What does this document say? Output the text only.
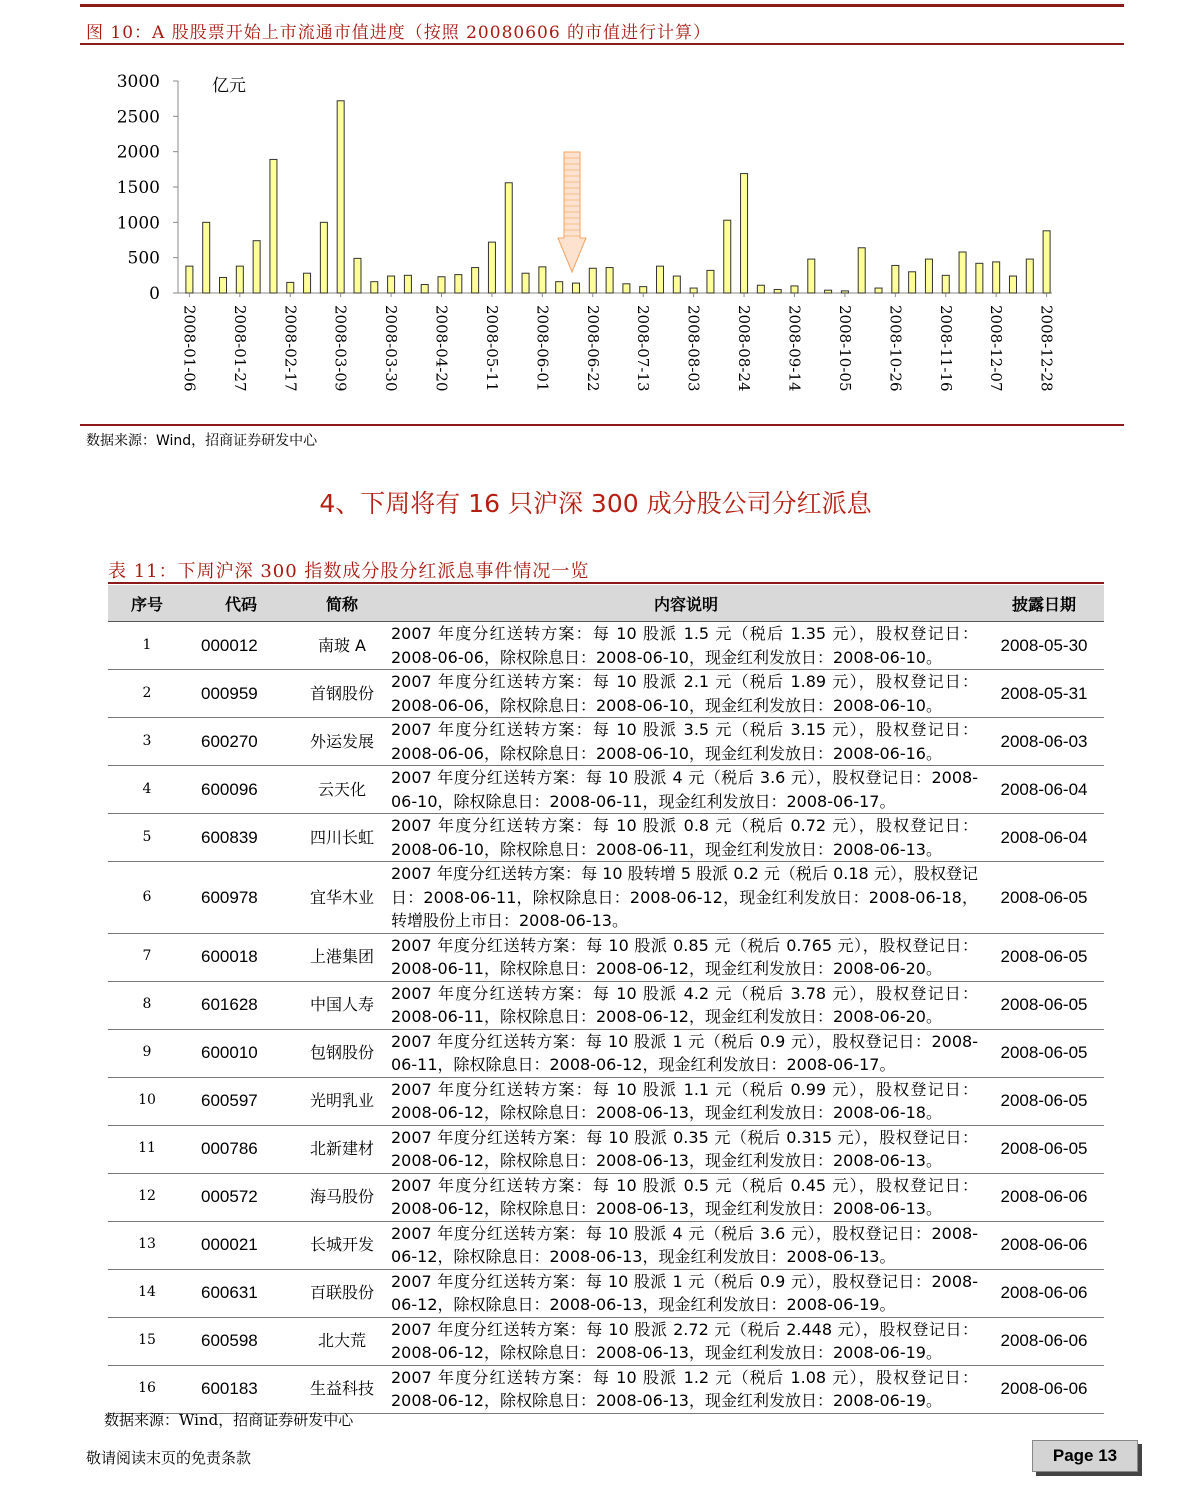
图 10：A 股股票开始上市流通市值进度（按照 20080606 的市值进行计算）
3000
2500
2000
1500
1000
500
0
亿元
2008-01-06 2008-01-27 2008-02-17 2008-03-09 2008-03-30 2008-04-20 2008-05-11 2008-06-01 2008-06-22 2008-07-13 2008-08-03 2008-08-24 2008-09-14 2008-10-05 2008-10-26 2008-11-16 2008-12-07 2008-12-28
数据来源：Wind，招商证券研发中心
4、下周将有 16 只沪深 300 成分股公司分红派息
表 11：下周沪深 300 指数成分股分红派息事件情况一览
序号	代码	简称	内容说明	披露日期
1	000012	南玻 A	2007 年度分红送转方案：每 10 股派 1.5 元（税后 1.35 元），股权登记日：2008-06-06，除权除息日：2008-06-10，现金红利发放日：2008-06-10。	2008-05-30
2	000959	首钢股份	2007 年度分红送转方案：每 10 股派 2.1 元（税后 1.89 元），股权登记日：2008-06-06，除权除息日：2008-06-10，现金红利发放日：2008-06-10。	2008-05-31
3	600270	外运发展	2007 年度分红送转方案：每 10 股派 3.5 元（税后 3.15 元），股权登记日：2008-06-06，除权除息日：2008-06-10，现金红利发放日：2008-06-16。	2008-06-03
4	600096	云天化	2007 年度分红送转方案：每 10 股派 4 元（税后 3.6 元），股权登记日：2008-06-10，除权除息日：2008-06-11，现金红利发放日：2008-06-17。	2008-06-04
5	600839	四川长虹	2007 年度分红送转方案：每 10 股派 0.8 元（税后 0.72 元），股权登记日：2008-06-10，除权除息日：2008-06-11，现金红利发放日：2008-06-13。	2008-06-04
6	600978	宜华木业	2007 年度分红送转方案：每 10 股转增 5 股派 0.2 元（税后 0.18 元），股权登记日：2008-06-11，除权除息日：2008-06-12，现金红利发放日：2008-06-18，转增股份上市日：2008-06-13。	2008-06-05
7	600018	上港集团	2007 年度分红送转方案：每 10 股派 0.85 元（税后 0.765 元），股权登记日：2008-06-11，除权除息日：2008-06-12，现金红利发放日：2008-06-20。	2008-06-05
8	601628	中国人寿	2007 年度分红送转方案：每 10 股派 4.2 元（税后 3.78 元），股权登记日：2008-06-11，除权除息日：2008-06-12，现金红利发放日：2008-06-20。	2008-06-05
9	600010	包钢股份	2007 年度分红送转方案：每 10 股派 1 元（税后 0.9 元），股权登记日：2008-06-11，除权除息日：2008-06-12，现金红利发放日：2008-06-17。	2008-06-05
10	600597	光明乳业	2007 年度分红送转方案：每 10 股派 1.1 元（税后 0.99 元），股权登记日：2008-06-12，除权除息日：2008-06-13，现金红利发放日：2008-06-18。	2008-06-05
11	000786	北新建材	2007 年度分红送转方案：每 10 股派 0.35 元（税后 0.315 元），股权登记日：2008-06-12，除权除息日：2008-06-13，现金红利发放日：2008-06-13。	2008-06-05
12	000572	海马股份	2007 年度分红送转方案：每 10 股派 0.5 元（税后 0.45 元），股权登记日：2008-06-12，除权除息日：2008-06-13，现金红利发放日：2008-06-13。	2008-06-06
13	000021	长城开发	2007 年度分红送转方案：每 10 股派 4 元（税后 3.6 元），股权登记日：2008-06-12，除权除息日：2008-06-13，现金红利发放日：2008-06-13。	2008-06-06
14	600631	百联股份	2007 年度分红送转方案：每 10 股派 1 元（税后 0.9 元），股权登记日：2008-06-12，除权除息日：2008-06-13，现金红利发放日：2008-06-19。	2008-06-06
15	600598	北大荒	2007 年度分红送转方案：每 10 股派 2.72 元（税后 2.448 元），股权登记日：2008-06-12，除权除息日：2008-06-13，现金红利发放日：2008-06-19。	2008-06-06
16	600183	生益科技	2007 年度分红送转方案：每 10 股派 1.2 元（税后 1.08 元），股权登记日：2008-06-12，除权除息日：2008-06-13，现金红利发放日：2008-06-19。	2008-06-06
数据来源：Wind，招商证券研发中心
敬请阅读末页的免责条款	Page 13
